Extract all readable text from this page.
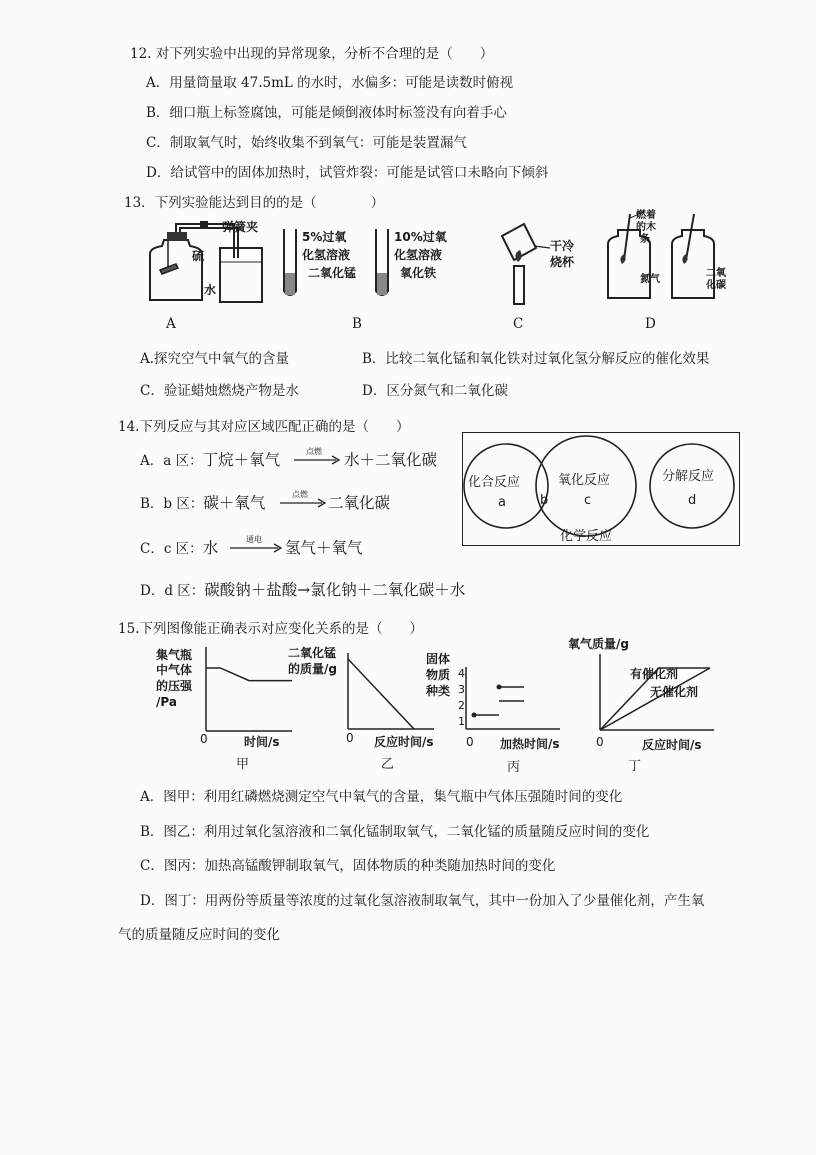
12. 对下列实验中出现的异常现象，分析不合理的是（　　）
A．用量筒量取 47.5mL 的水时，水偏多：可能是读数时俯视
B．细口瓶上标签腐蚀，可能是倾倒液体时标签没有向着手心
C．制取氧气时，始终收集不到氧气：可能是装置漏气
D．给试管中的固体加热时，试管炸裂：可能是试管口未略向下倾斜
13．下列实验能达到目的的是（　　　　）
弹簧夹
硫
水
A
5%过氧
化氢溶液
二氧化锰
10%过氧
化氢溶液
氧化铁
B
干冷
烧杯
C
燃着
的木
条
氮气
二氧
化碳
D
A.探究空气中氧气的含量	B．比较二氧化锰和氧化铁对过氧化氢分解反应的催化效果
C．验证蜡烛燃烧产物是水	D．区分氮气和二氧化碳
14.下列反应与其对应区域匹配正确的是（　　）
A．a 区：丁烷＋氧气	点燃 水＋二氧化碳
B．b 区：碳＋氧气	点燃 二氧化碳
C．c 区：水	通电 氢气＋氧气
D．d 区：碳酸钠＋盐酸→氯化钠＋二氧化碳＋水
化合反应
a	b
氧化反应
c
分解反应
d
化学反应
15.下列图像能正确表示对应变化关系的是（　　）
集气瓶
中气体
的压强
/Pa
0	时间/s
甲
二氧化锰
的质量/g
0 反应时间/s
乙
固体
物质
种类
4
3
2
1
0 加热时间/s
丙
氧气质量/g
有催化剂
无催化剂
0	反应时间/s
丁
A．图甲：利用红磷燃烧测定空气中氧气的含量，集气瓶中气体压强随时间的变化
B．图乙：利用过氧化氢溶液和二氧化锰制取氧气，二氧化锰的质量随反应时间的变化
C．图丙：加热高锰酸钾制取氧气，固体物质的种类随加热时间的变化
D．图丁：用两份等质量等浓度的过氧化氢溶液制取氧气，其中一份加入了少量催化剂，产生氧
气的质量随反应时间的变化
